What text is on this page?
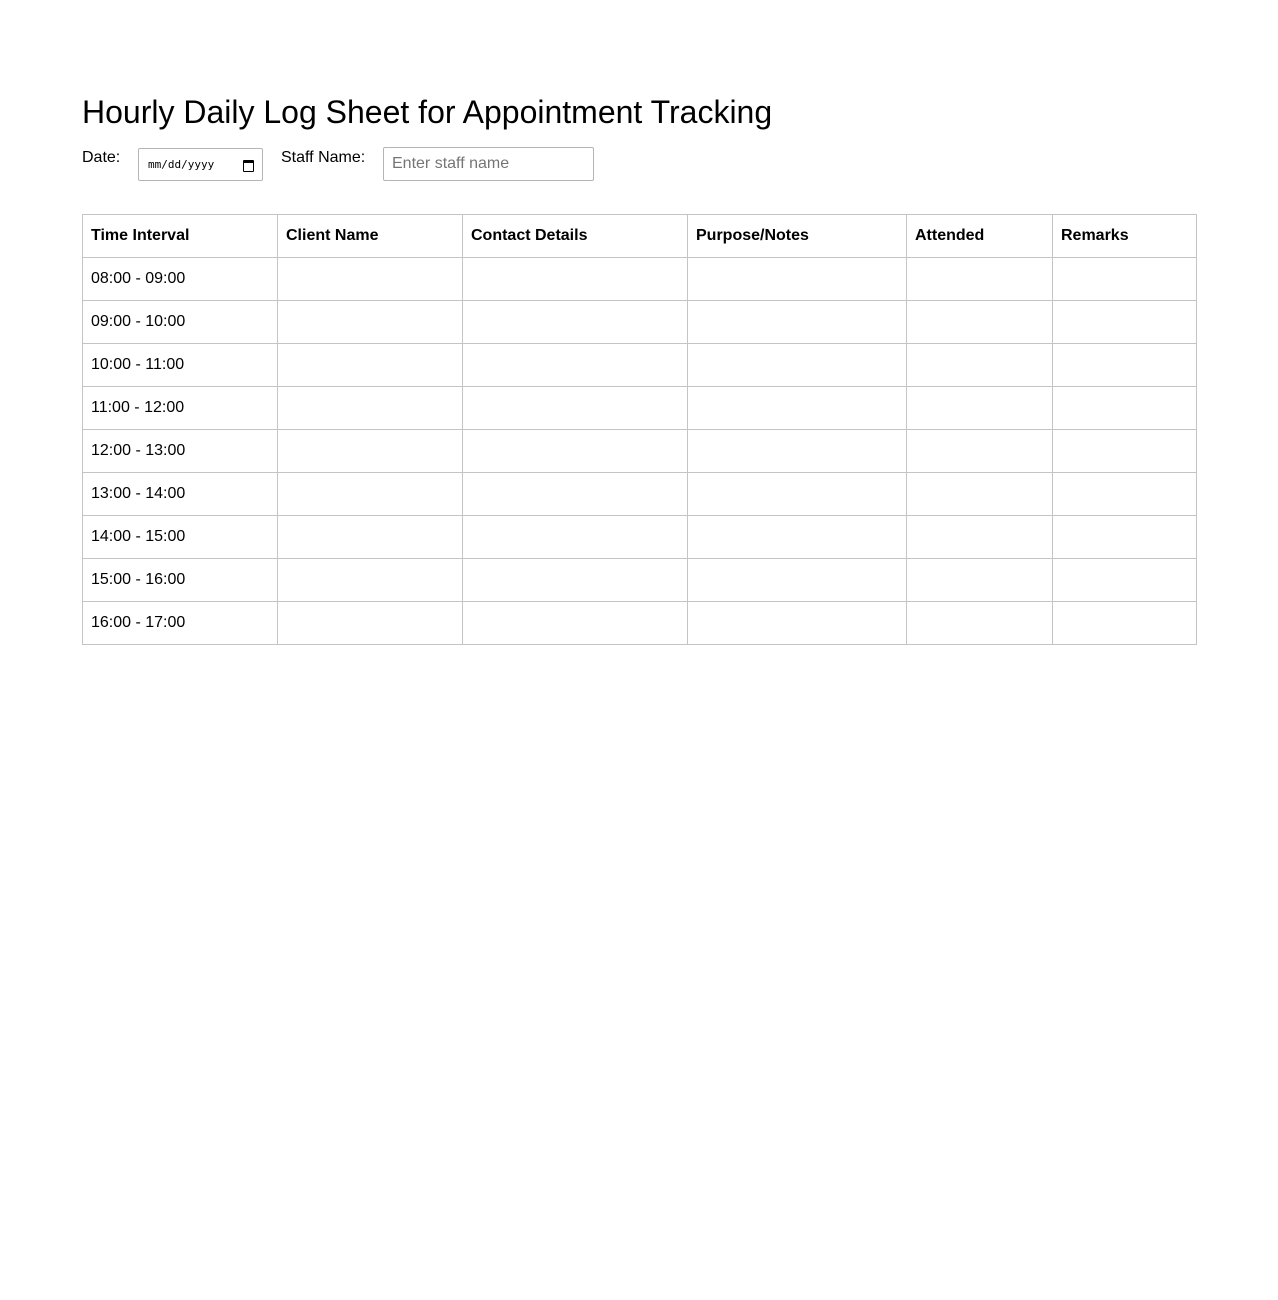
Hourly Daily Log Sheet for Appointment Tracking
Date:	mm/dd/yyyy	Staff Name:
Enter staff name
Time Interval	Client Name	Contact Details	Purpose/Notes	Attended	Remarks
08:00 - 09:00					
09:00 - 10:00					
10:00 - 11:00					
11:00 - 12:00					
12:00 - 13:00					
13:00 - 14:00					
14:00 - 15:00					
15:00 - 16:00					
16:00 - 17:00					
